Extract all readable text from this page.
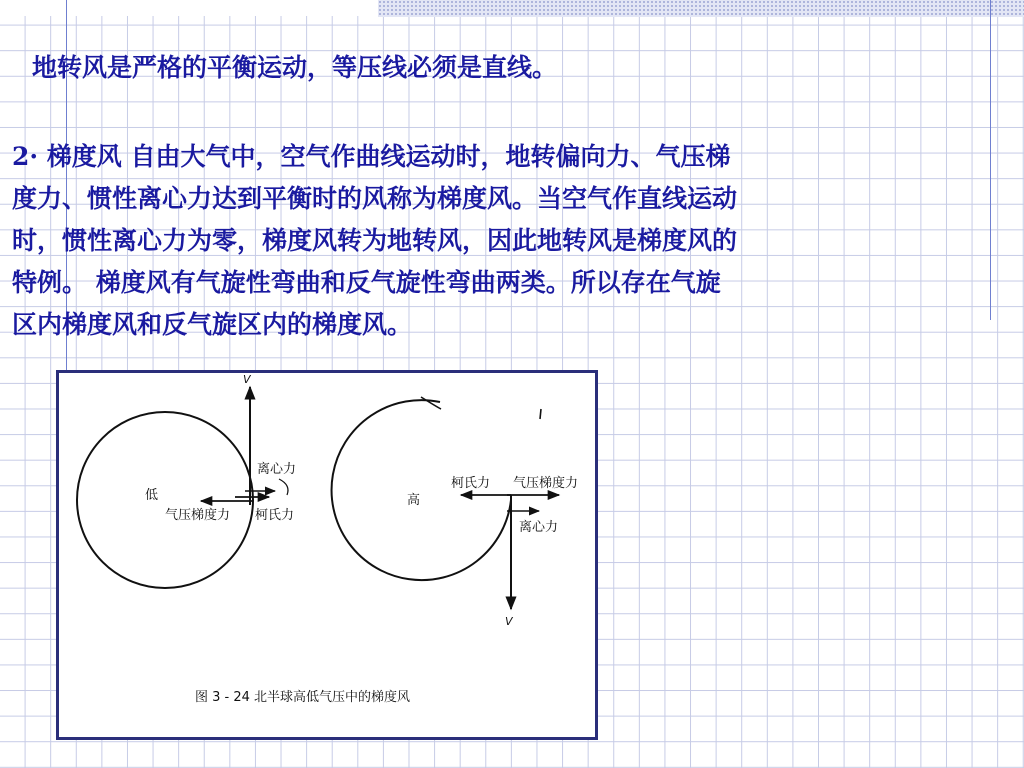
地转风是严格的平衡运动，等压线必须是直线。

2· 梯度风 自由大气中，空气作曲线运动时，地转偏向力、气压梯
度力、惯性离心力达到平衡时的风称为梯度风。当空气作直线运动
时，惯性离心力为零，梯度风转为地转风，因此地转风是梯度风的
特例。 梯度风有气旋性弯曲和反气旋性弯曲两类。所以存在气旋
区内梯度风和反气旋区内的梯度风。

V
低
离心力
气压梯度力 柯氏力
高
柯氏力 气压梯度力
离心力
V
图 3 - 24 北半球高低气压中的梯度风
